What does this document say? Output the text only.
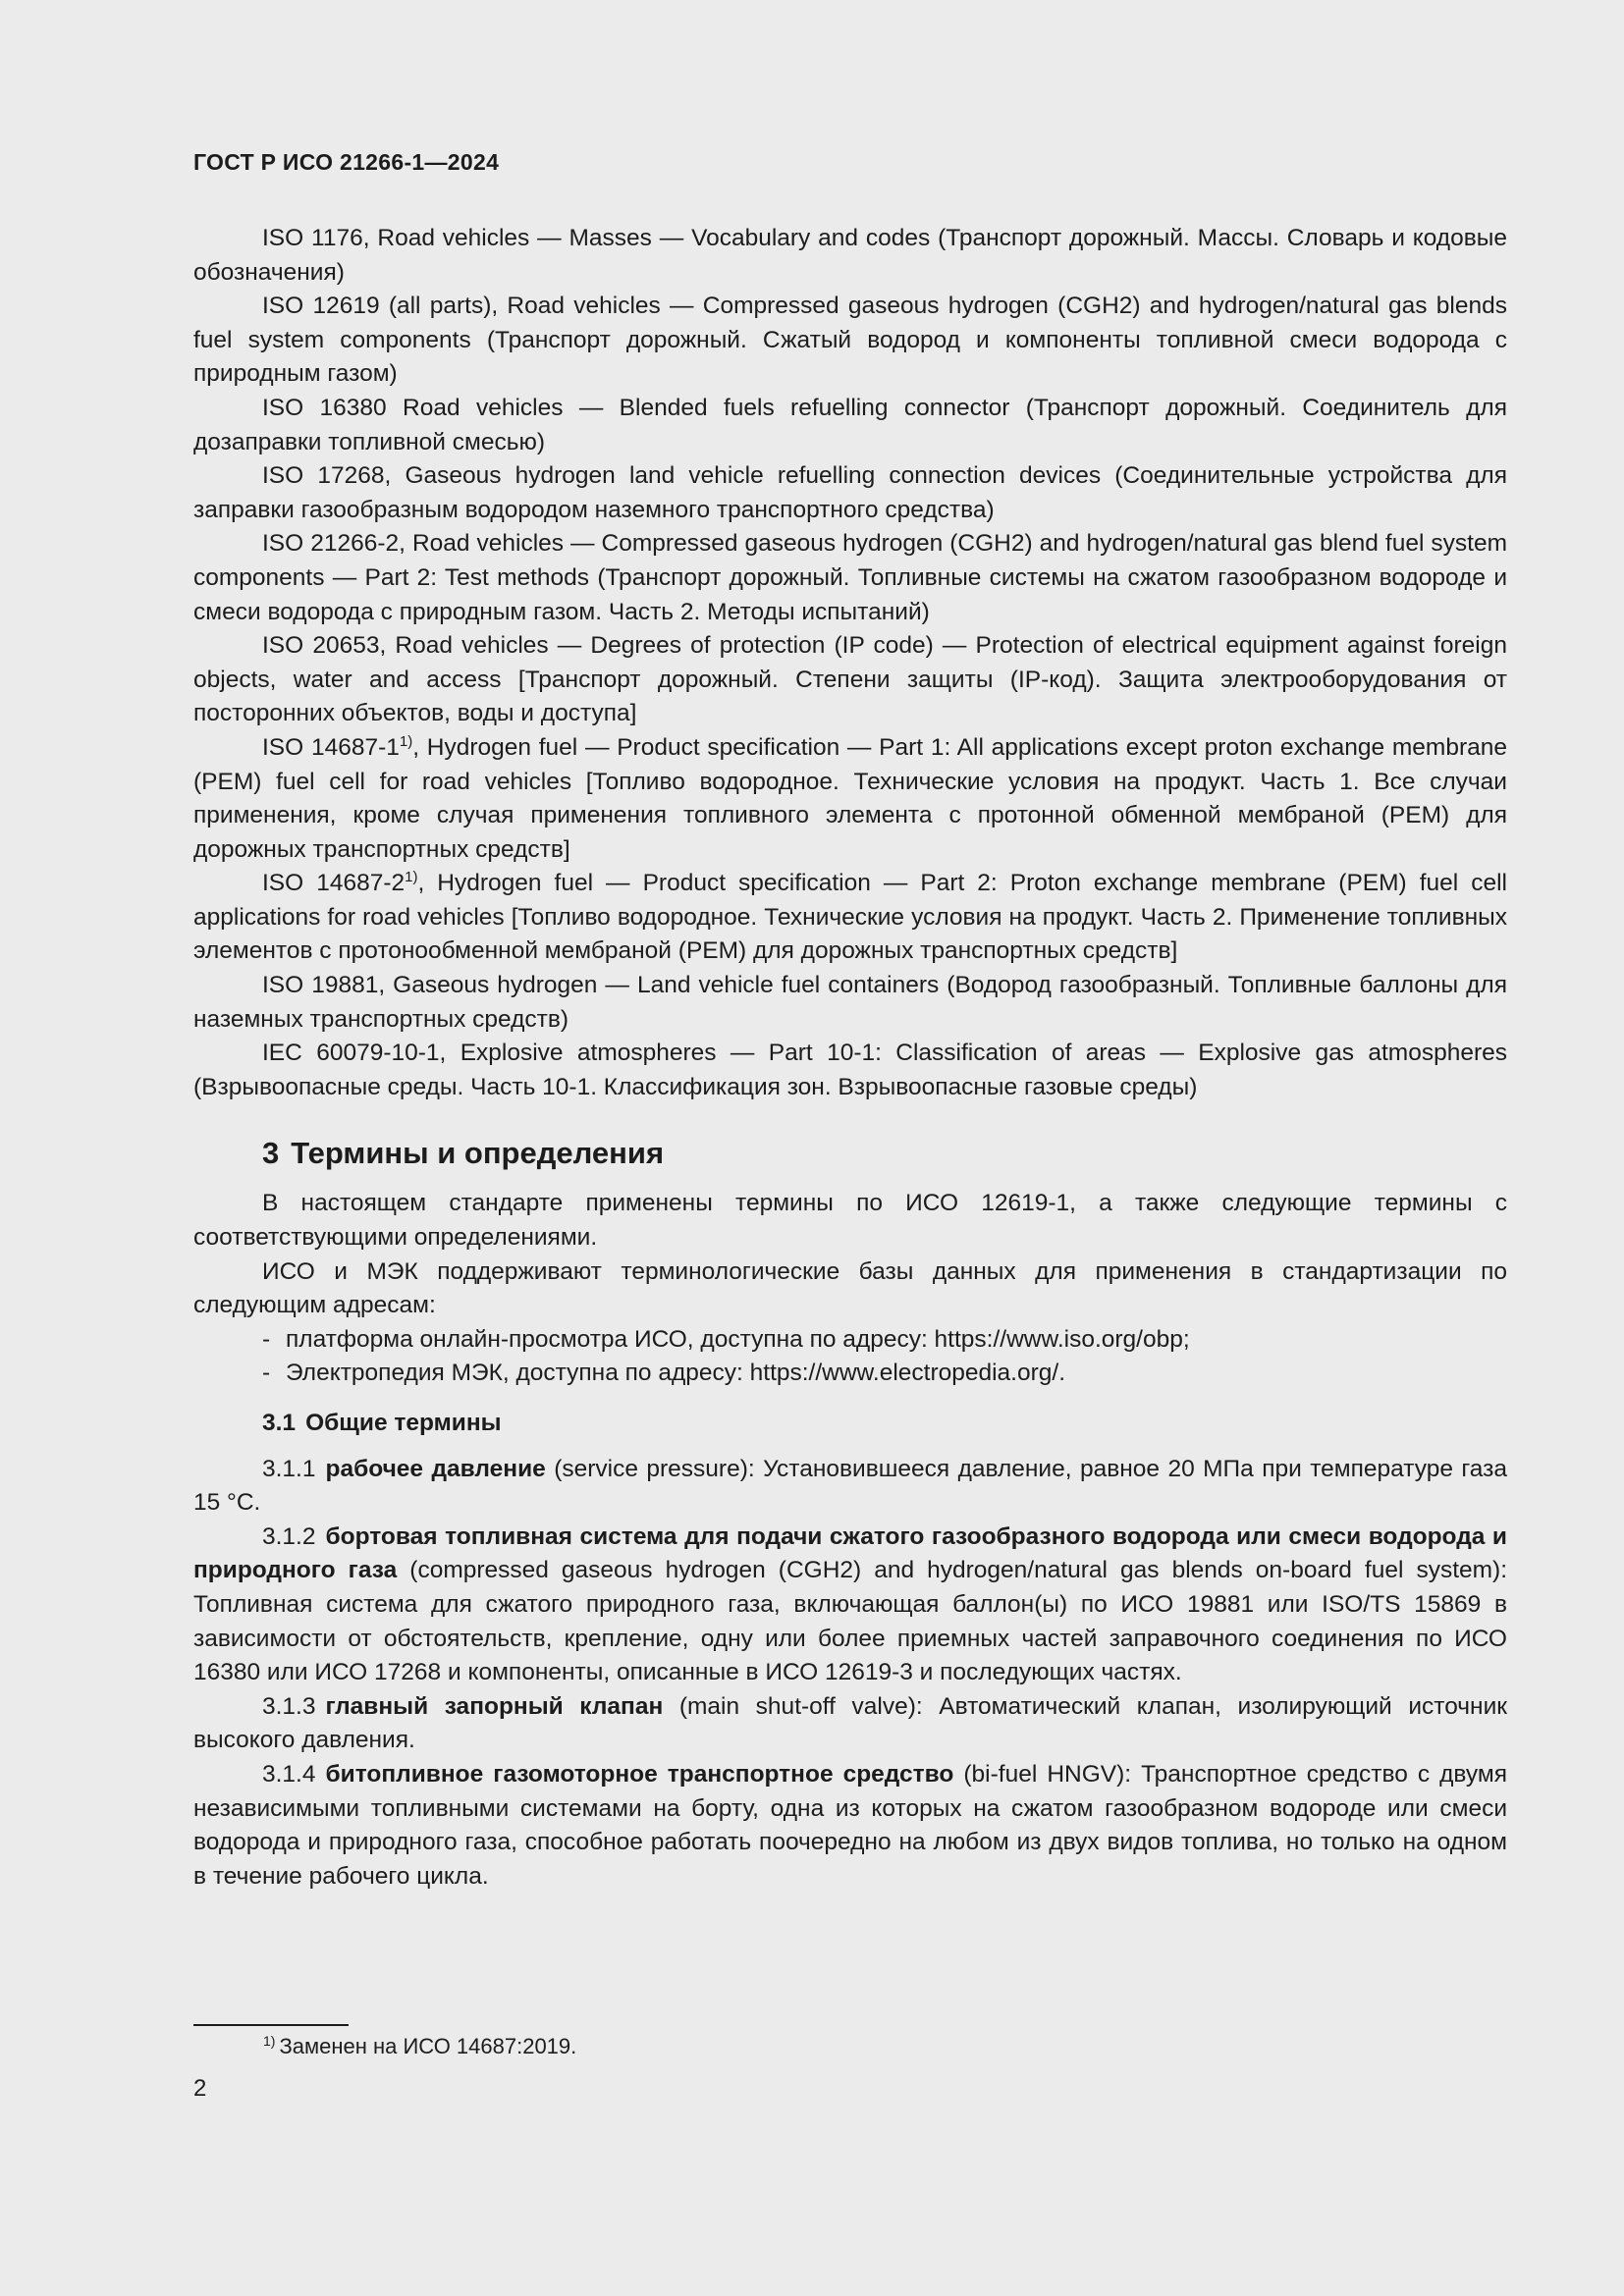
ГОСТ Р ИСО 21266-1—2024

ISO 1176, Road vehicles — Masses — Vocabulary and codes (Транспорт дорожный. Массы. Словарь и кодовые обозначения)

ISO 12619 (all parts), Road vehicles — Compressed gaseous hydrogen (CGH2) and hydrogen/natural gas blends fuel system components (Транспорт дорожный. Сжатый водород и компоненты топливной смеси водорода с природным газом)

ISO 16380 Road vehicles — Blended fuels refuelling connector (Транспорт дорожный. Соединитель для дозаправки топливной смесью)

ISO 17268, Gaseous hydrogen land vehicle refuelling connection devices (Соединительные устройства для заправки газообразным водородом наземного транспортного средства)

ISO 21266-2, Road vehicles — Compressed gaseous hydrogen (CGH2) and hydrogen/natural gas blend fuel system components — Part 2: Test methods (Транспорт дорожный. Топливные системы на сжатом газообразном водороде и смеси водорода с природным газом. Часть 2. Методы испытаний)

ISO 20653, Road vehicles — Degrees of protection (IP code) — Protection of electrical equipment against foreign objects, water and access [Транспорт дорожный. Степени защиты (IP-код). Защита электрооборудования от посторонних объектов, воды и доступа]

ISO 14687-1$^{1)}$, Hydrogen fuel — Product specification — Part 1: All applications except proton exchange membrane (PEM) fuel cell for road vehicles [Топливо водородное. Технические условия на продукт. Часть 1. Все случаи применения, кроме случая применения топливного элемента с протонной обменной мембраной (PEM) для дорожных транспортных средств]

ISO 14687-2$^{1)}$, Hydrogen fuel — Product specification — Part 2: Proton exchange membrane (PEM) fuel cell applications for road vehicles [Топливо водородное. Технические условия на продукт. Часть 2. Применение топливных элементов с протонообменной мембраной (PEM) для дорожных транспортных средств]

ISO 19881, Gaseous hydrogen — Land vehicle fuel containers (Водород газообразный. Топливные баллоны для наземных транспортных средств)

IEC 60079-10-1, Explosive atmospheres — Part 10-1: Classification of areas — Explosive gas atmospheres (Взрывоопасные среды. Часть 10-1. Классификация зон. Взрывоопасные газовые среды)

3 Термины и определения

В настоящем стандарте применены термины по ИСО 12619-1, а также следующие термины с соответствующими определениями.

ИСО и МЭК поддерживают терминологические базы данных для применения в стандартизации по следующим адресам:

- платформа онлайн-просмотра ИСО, доступна по адресу: https://www.iso.org/obp;
- Электропедия МЭК, доступна по адресу: https://www.electropedia.org/.
3.1 Общие термины

3.1.1 рабочее давление (service pressure): Установившееся давление, равное 20 МПа при температуре газа 15 °С.

3.1.2 бортовая топливная система для подачи сжатого газообразного водорода или смеси водорода и природного газа (compressed gaseous hydrogen (CGH2) and hydrogen/natural gas blends on-board fuel system): Топливная система для сжатого природного газа, включающая баллон(ы) по ИСО 19881 или ISO/TS 15869 в зависимости от обстоятельств, крепление, одну или более приемных частей заправочного соединения по ИСО 16380 или ИСО 17268 и компоненты, описанные в ИСО 12619-3 и последующих частях.

3.1.3 главный запорный клапан (main shut-off valve): Автоматический клапан, изолирующий источник высокого давления.

3.1.4 битопливное газомоторное транспортное средство (bi-fuel HNGV): Транспортное средство с двумя независимыми топливными системами на борту, одна из которых на сжатом газообразном водороде или смеси водорода и природного газа, способное работать поочередно на любом из двух видов топлива, но только на одном в течение рабочего цикла.

$^{1)}$ Заменен на ИСО 14687:2019.
2
